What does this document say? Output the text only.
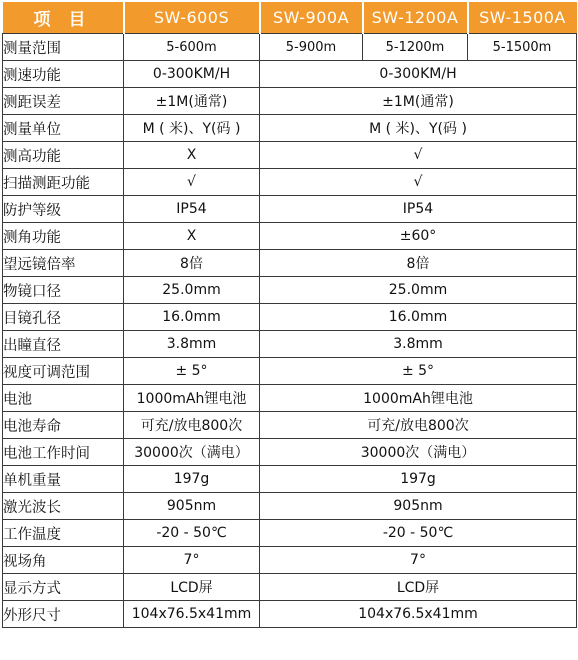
项 目	SW-600S	SW-900A	SW-1200A	SW-1500A
测量范围	5-600m	5-900m	5-1200m	5-1500m
测速功能	0-300KM/H	0-300KM/H		
测距误差	±1M(通常)	±1M(通常)		
测量单位	M ( 米)、Y(码 )	M ( 米)、Y(码 )		
测高功能	X	√		
扫描测距功能	√	√		
防护等级	IP54	IP54		
测角功能	X	±60°		
望远镜倍率	8倍	8倍		
物镜口径	25.0mm	25.0mm		
目镜孔径	16.0mm	16.0mm		
出瞳直径	3.8mm	3.8mm		
视度可调范围	± 5°	± 5°		
电池	1000mAh锂电池	1000mAh锂电池		
电池寿命	可充/放电800次	可充/放电800次		
电池工作时间	30000次（满电）	30000次（满电）		
单机重量	197g	197g		
激光波长	905nm	905nm		
工作温度	-20 - 50℃	-20 - 50℃		
视场角	7°	7°		
显示方式	LCD屏	LCD屏		
外形尺寸	104x76.5x41mm	104x76.5x41mm		
